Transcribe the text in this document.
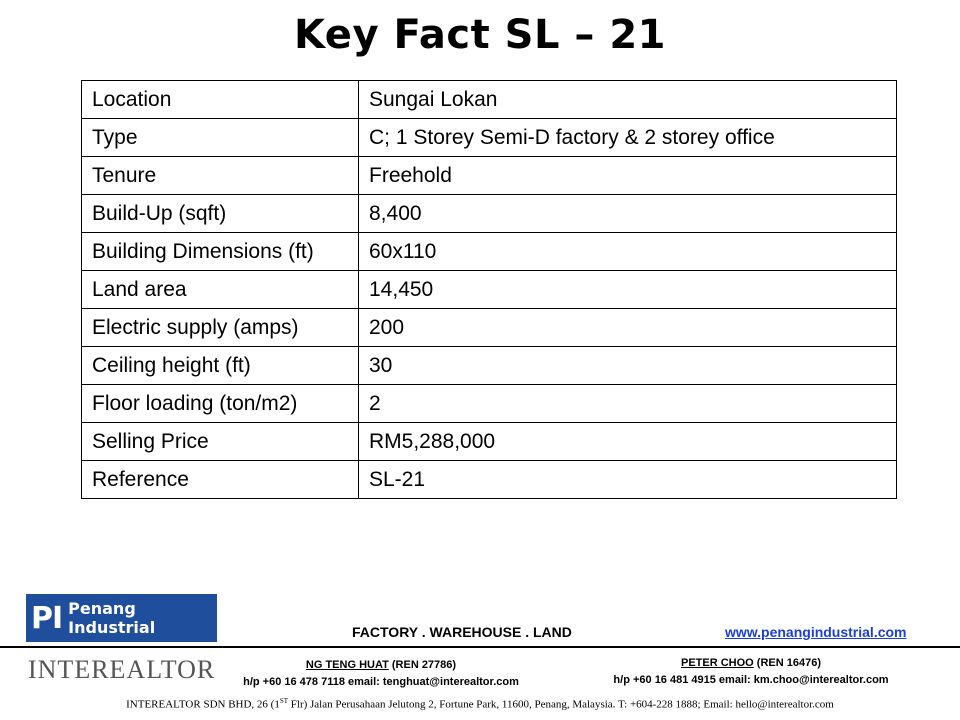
Key Fact SL – 21
Location	Sungai Lokan
Type	C; 1 Storey Semi-D factory & 2 storey office
Tenure	Freehold
Build-Up (sqft)	8,400
Building Dimensions (ft)	60x110
Land area	14,450
Electric supply (amps)	200
Ceiling height (ft)	30
Floor loading (ton/m2)	2
Selling Price	RM5,288,000
Reference	SL-21
PI Penang Industrial	FACTORY . WAREHOUSE . LAND	www.penangindustrial.com
INTEREALTOR	NG TENG HUAT (REN 27786)
h/p +60 16 478 7118 email: tenghuat@interealtor.com
PETER CHOO (REN 16476)
h/p +60 16 481 4915 email: km.choo@interealtor.com
INTEREALTOR SDN BHD, 26 (1ST Flr) Jalan Perusahaan Jelutong 2, Fortune Park, 11600, Penang, Malaysia. T: +604-228 1888; Email: hello@interealtor.com
